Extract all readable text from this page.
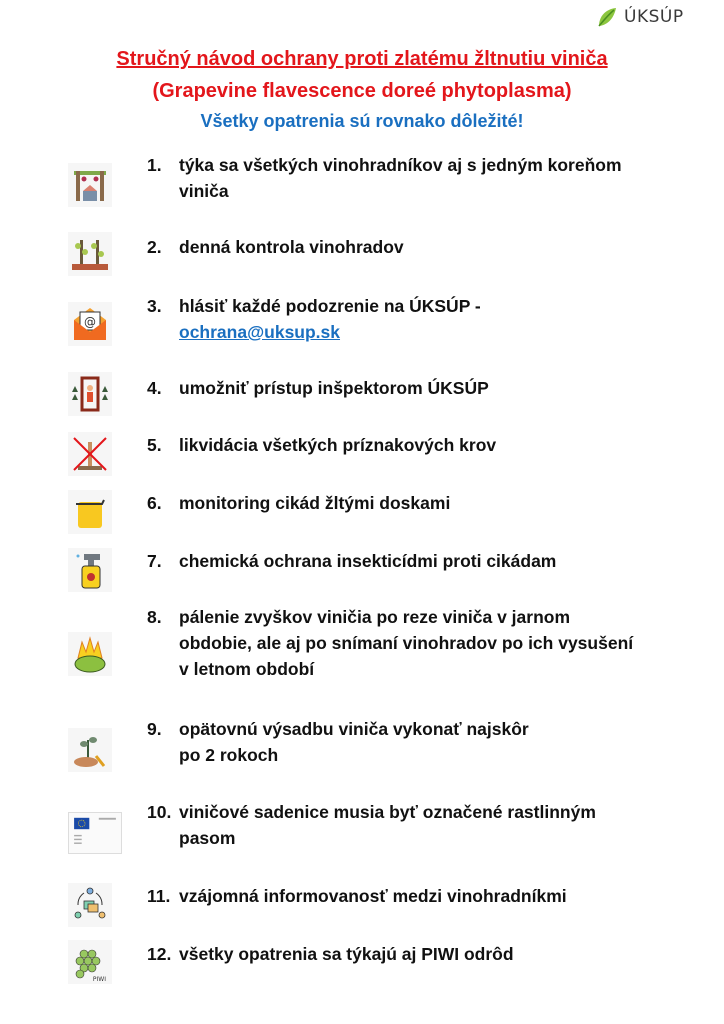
ÚKSÚP
Stručný návod ochrany proti zlatému žltnutiu viniča
(Grapevine flavescence doreé phytoplasma)
Všetky opatrenia sú rovnako dôležité!
@
PIWI
1. týka sa všetkých vinohradníkov aj s jedným koreňom
viniča
2. denná kontrola vinohradov
3. hlásiť každé podozrenie na ÚKSÚP -
ochrana@uksup.sk
4. umožniť prístup inšpektorom ÚKSÚP
5. likvidácia všetkých príznakových krov
6. monitoring cikád žltými doskami
7. chemická ochrana insekticídmi proti cikádam
8. pálenie zvyškov viničia po reze viniča v jarnom
obdobie, ale aj po snímaní vinohradov po ich vysušení
v letnom období
9. opätovnú výsadbu viniča vykonať najskôr
po 2 rokoch
10. viničové sadenice musia byť označené rastlinným
pasom
11. vzájomná informovanosť medzi vinohradníkmi
12. všetky opatrenia sa týkajú aj PIWI odrôd
